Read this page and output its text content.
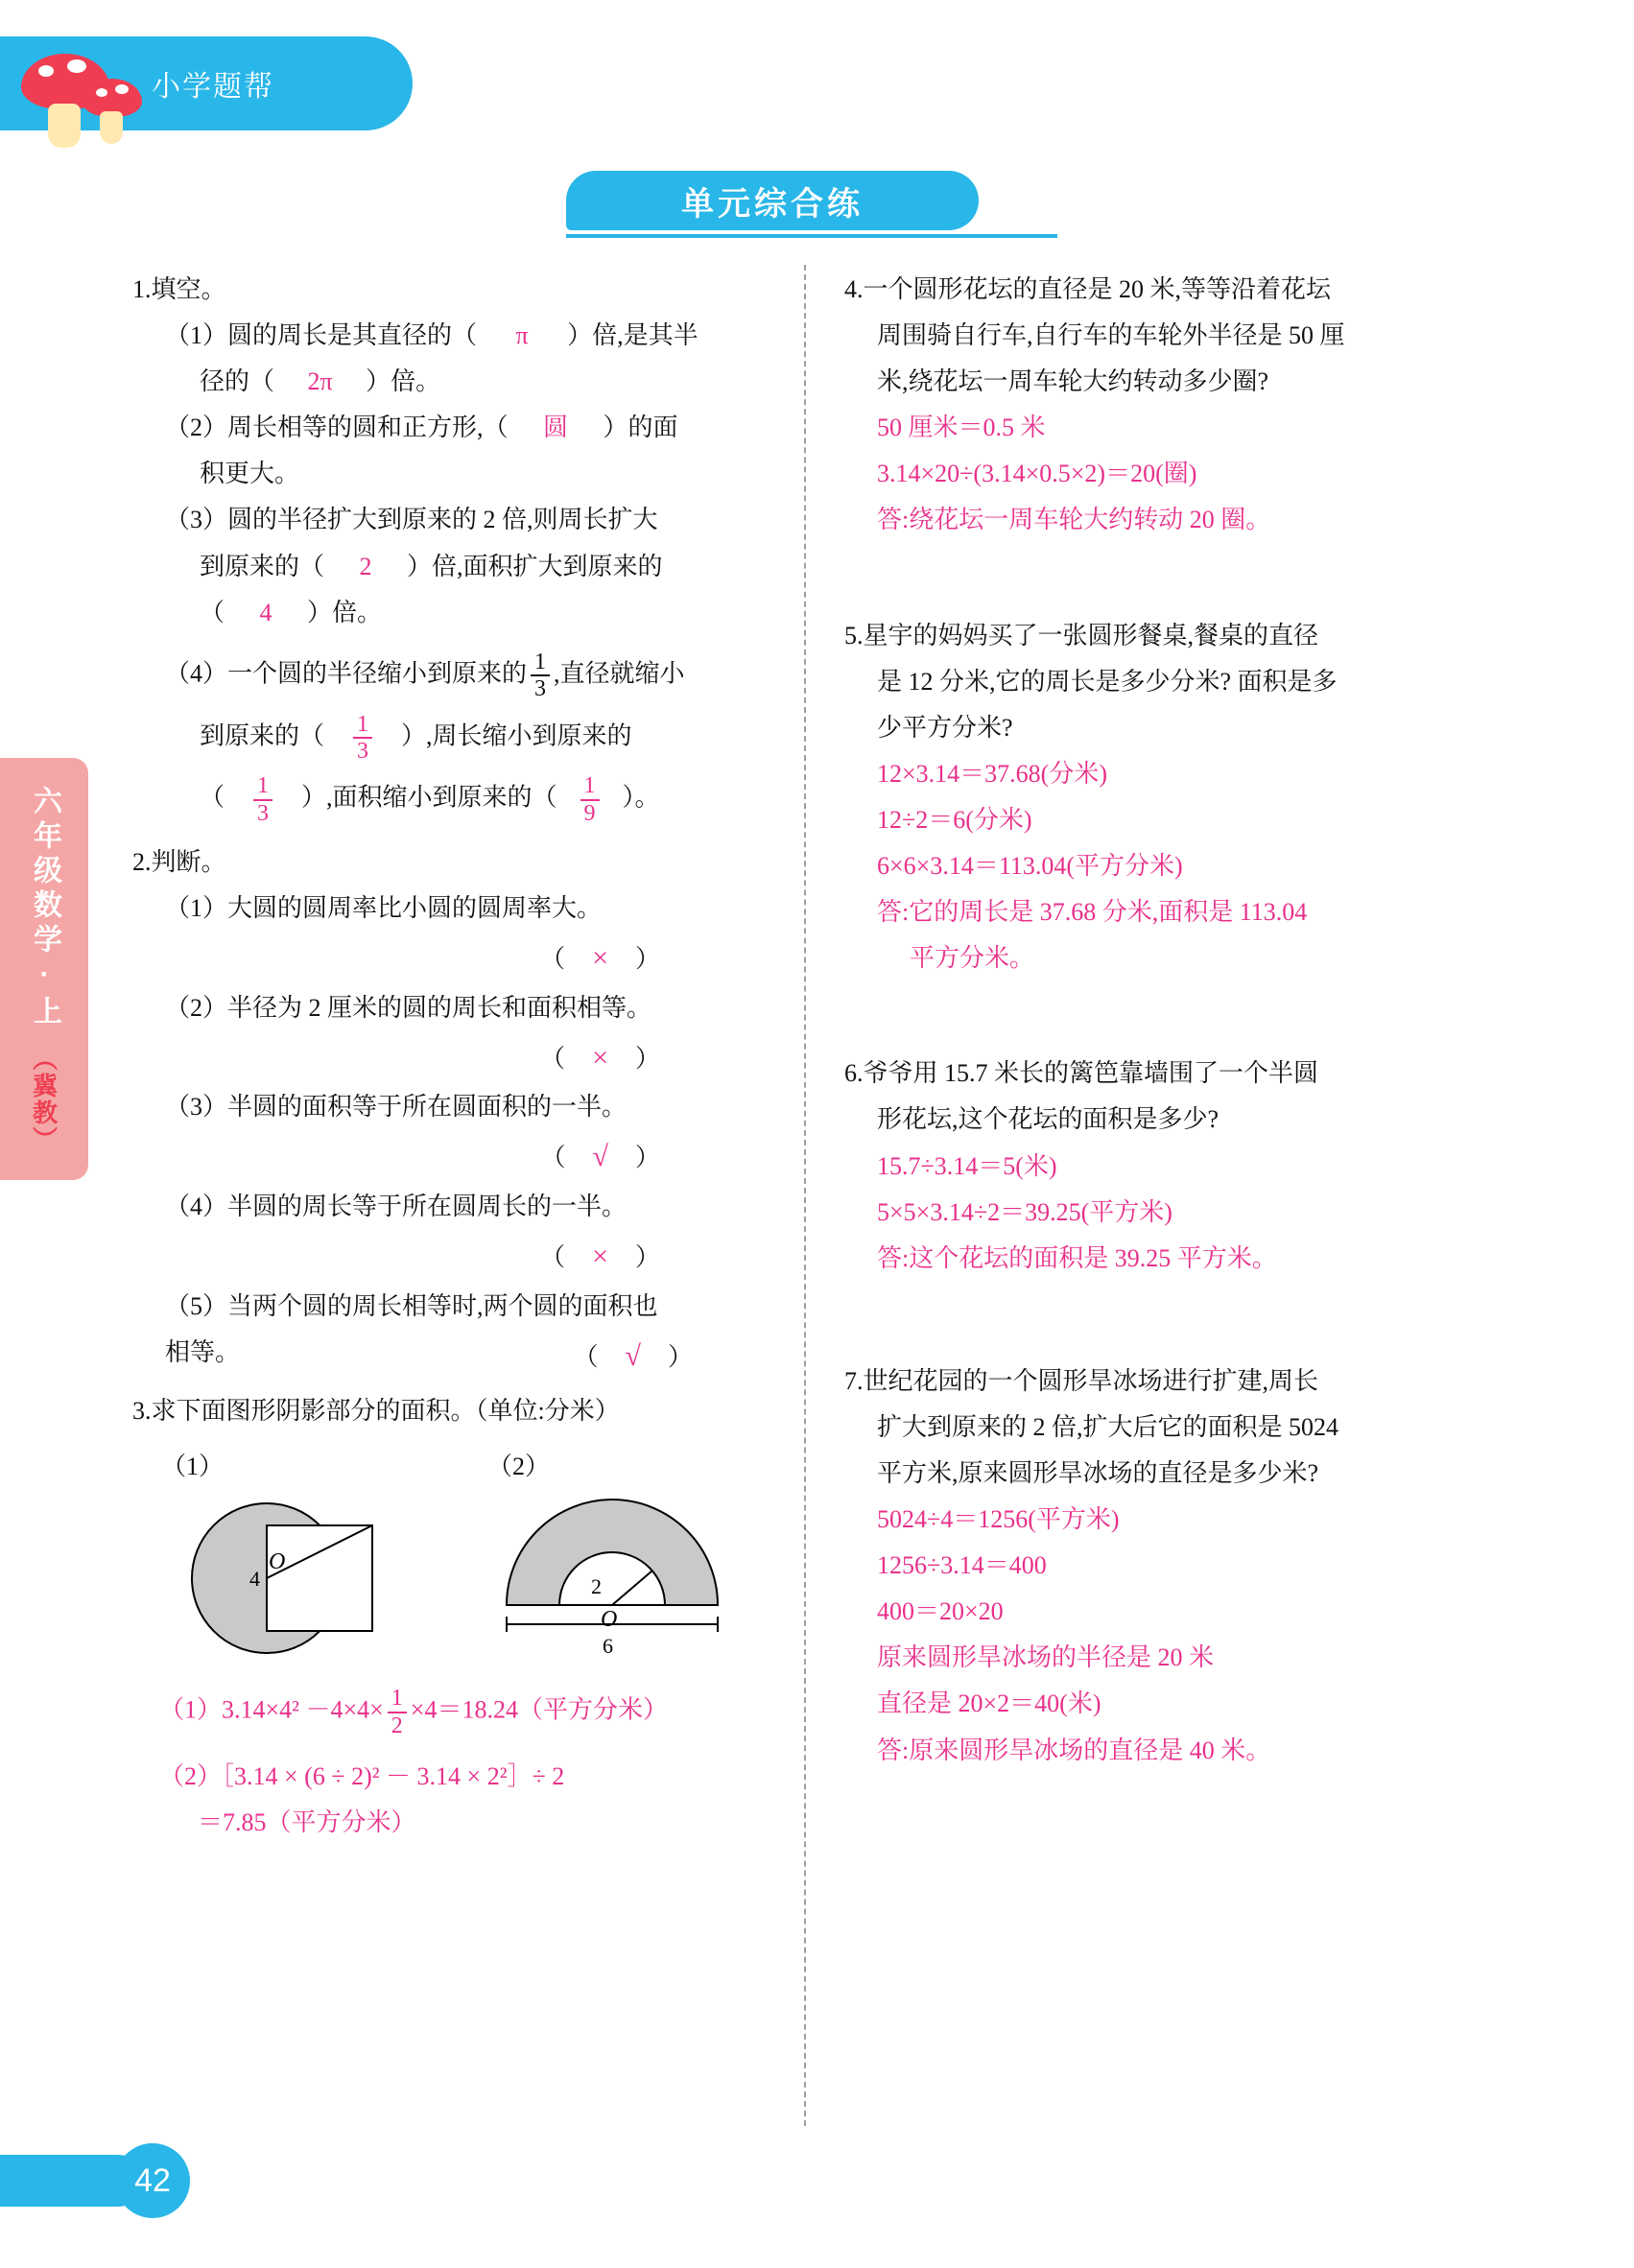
小学题帮
单元综合练
六年级数学·上
（冀教）
1.填空。
（1）圆的周长是其直径的（ π ）倍,是其半
径的（ 2π ）倍。
（2）周长相等的圆和正方形,（ 圆 ）的面
积更大。
（3）圆的半径扩大到原来的 2 倍,则周长扩大
到原来的（ 2 ）倍,面积扩大到原来的
（ 4 ）倍。
（4）一个圆的半径缩小到原来的 $\frac{1}{3}$ ,直径就缩小
到原来的（ $\frac{1}{3}$ ）,周长缩小到原来的
（ $\frac{1}{3}$ ）,面积缩小到原来的（ $\frac{1}{9}$ ）。
2.判断。
（1）大圆的圆周率比小圆的圆周率大。
（ × ）
（2）半径为 2 厘米的圆的周长和面积相等。
（ × ）
（3）半圆的面积等于所在圆面积的一半。
（ √ ）
（4）半圆的周长等于所在圆周长的一半。
（ × ）
（5）当两个圆的周长相等时,两个圆的面积也
相等。	（ √ ）
3.求下面图形阴影部分的面积。（单位:分米）
（1）
4
O
（2）
2
O
6
$(1)3.14\times 4^2 -4\times 4\times \frac{1}{2} \times 4=18.24$（平方分米）
（2）［3.14 × (6 ÷ 2)² － 3.14 × 2²］÷ 2
＝7.85（平方分米）
4. 一个圆形花坛的直径是 20 米,等等沿着花坛
周围骑自行车,自行车的车轮外半径是 50 厘
米,绕花坛一周车轮大约转动多少圈?
50 厘米＝0.5 米
3.14×20÷(3.14×0.5×2)＝20(圈)
答:绕花坛一周车轮大约转动 20 圈。
5. 星宇的妈妈买了一张圆形餐桌,餐桌的直径
是 12 分米,它的周长是多少分米? 面积是多
少平方分米?
12×3.14＝37.68(分米)
12÷2＝6(分米)
6×6×3.14＝113.04(平方分米)
答:它的周长是 37.68 分米,面积是 113.04
平方分米。
6. 爷爷用 15.7 米长的篱笆靠墙围了一个半圆
形花坛,这个花坛的面积是多少?
15.7÷3.14＝5(米)
5×5×3.14÷2＝39.25(平方米)
答:这个花坛的面积是 39.25 平方米。
7. 世纪花园的一个圆形旱冰场进行扩建,周长
扩大到原来的 2 倍,扩大后它的面积是 5024
平方米,原来圆形旱冰场的直径是多少米?
5024÷4＝1256(平方米)
1256÷3.14＝400
400＝20×20
原来圆形旱冰场的半径是 20 米
直径是 20×2＝40(米)
答:原来圆形旱冰场的直径是 40 米。
42
